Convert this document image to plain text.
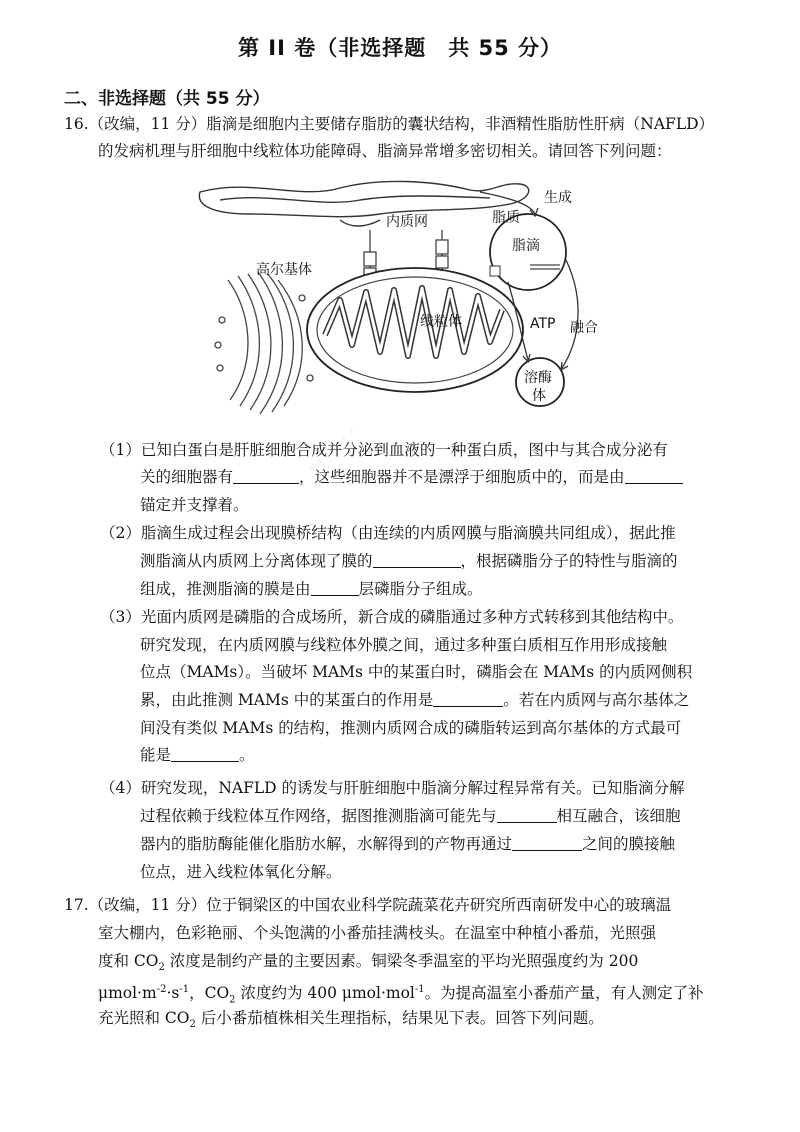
第 II 卷（非选择题　共 55 分）
二、非选择题（共 55 分）
16.（改编，11 分）脂滴是细胞内主要储存脂肪的囊状结构，非酒精性脂肪性肝病（NAFLD）
的发病机理与肝细胞中线粒体功能障碍、脂滴异常增多密切相关。请回答下列问题：
内质网
高尔基体
脂质
生成
脂滴
线粒体	ATP 融合
溶酶
体
（1）已知白蛋白是肝脏细胞合成并分泌到血液的一种蛋白质，图中与其合成分泌有
关的细胞器有	，这些细胞器并不是漂浮于细胞质中的，而是由
锚定并支撑着。
（2）脂滴生成过程会出现膜桥结构（由连续的内质网膜与脂滴膜共同组成），据此推
测脂滴从内质网上分离体现了膜的	，根据磷脂分子的特性与脂滴的
组成，推测脂滴的膜是由	层磷脂分子组成。
（3）光面内质网是磷脂的合成场所，新合成的磷脂通过多种方式转移到其他结构中。
研究发现，在内质网膜与线粒体外膜之间，通过多种蛋白质相互作用形成接触
位点（MAMs）。当破坏 MAMs 中的某蛋白时，磷脂会在 MAMs 的内质网侧积
累，由此推测 MAMs 中的某蛋白的作用是	。若在内质网与高尔基体之
间没有类似 MAMs 的结构，推测内质网合成的磷脂转运到高尔基体的方式最可
能是	。
（4）研究发现，NAFLD 的诱发与肝脏细胞中脂滴分解过程异常有关。已知脂滴分解
过程依赖于线粒体互作网络，据图推测脂滴可能先与	相互融合，该细胞
器内的脂肪酶能催化脂肪水解，水解得到的产物再通过	之间的膜接触
位点，进入线粒体氧化分解。
17.（改编，11 分）位于铜梁区的中国农业科学院蔬菜花卉研究所西南研发中心的玻璃温
室大棚内，色彩艳丽、个头饱满的小番茄挂满枝头。在温室中种植小番茄，光照强
度和 $CO_2$ 浓度是制约产量的主要因素。铜梁冬季温室的平均光照强度约为 200
$\mu mol\cdot m^{-2}\cdot s^{-1}$，$CO_2$ 浓度约为 400 μmol·mol$^{-1}$。为提高温室小番茄产量，有人测定了补
充光照和 $CO_2$ 后小番茄植株相关生理指标，结果见下表。回答下列问题。
